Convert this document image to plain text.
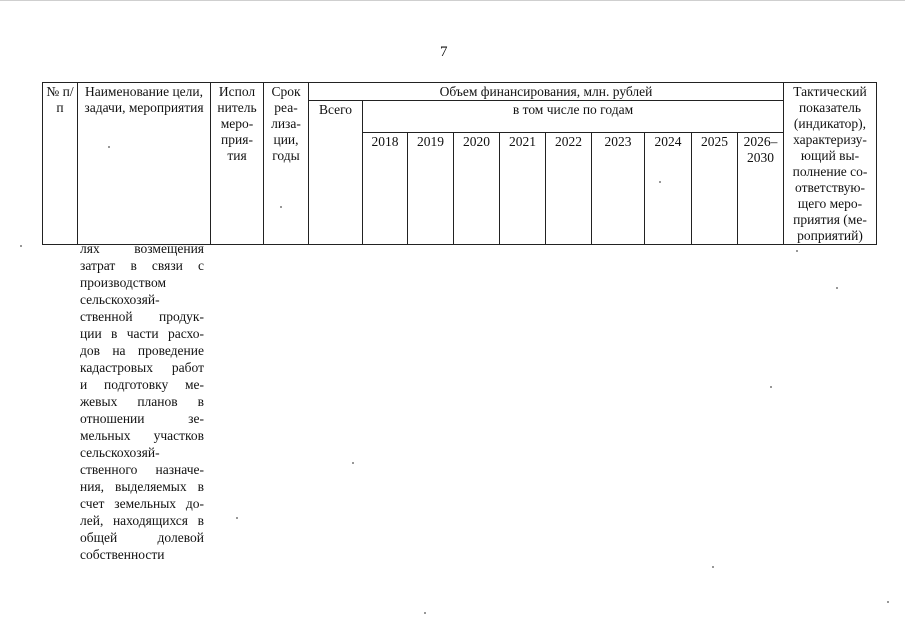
7
№ п/п	Наименование цели, задачи, мероприятия	Испол нитель меро- прия- тия	Срок реа- лиза- ции, годы	Объем финансирования, млн. рублей										Тактический показатель (индикатор), характеризу- ющий вы- полнение со- ответствую- щего меро- приятия (ме- роприятий)
				Всего	в том числе по годам									
					2018	2019	2020	2021	2022	2023	2024	2025	2026– 2030	
лях возмещения
затрат в связи с
производством
сельскохозяй-
ственной продук-
ции в части расхо-
дов на проведение
кадастровых работ
и подготовку ме-
жевых планов в
отношении зе-
мельных участков
сельскохозяй-
ственного назначе-
ния, выделяемых в
счет земельных до-
лей, находящихся в
общей долевой
собственности
